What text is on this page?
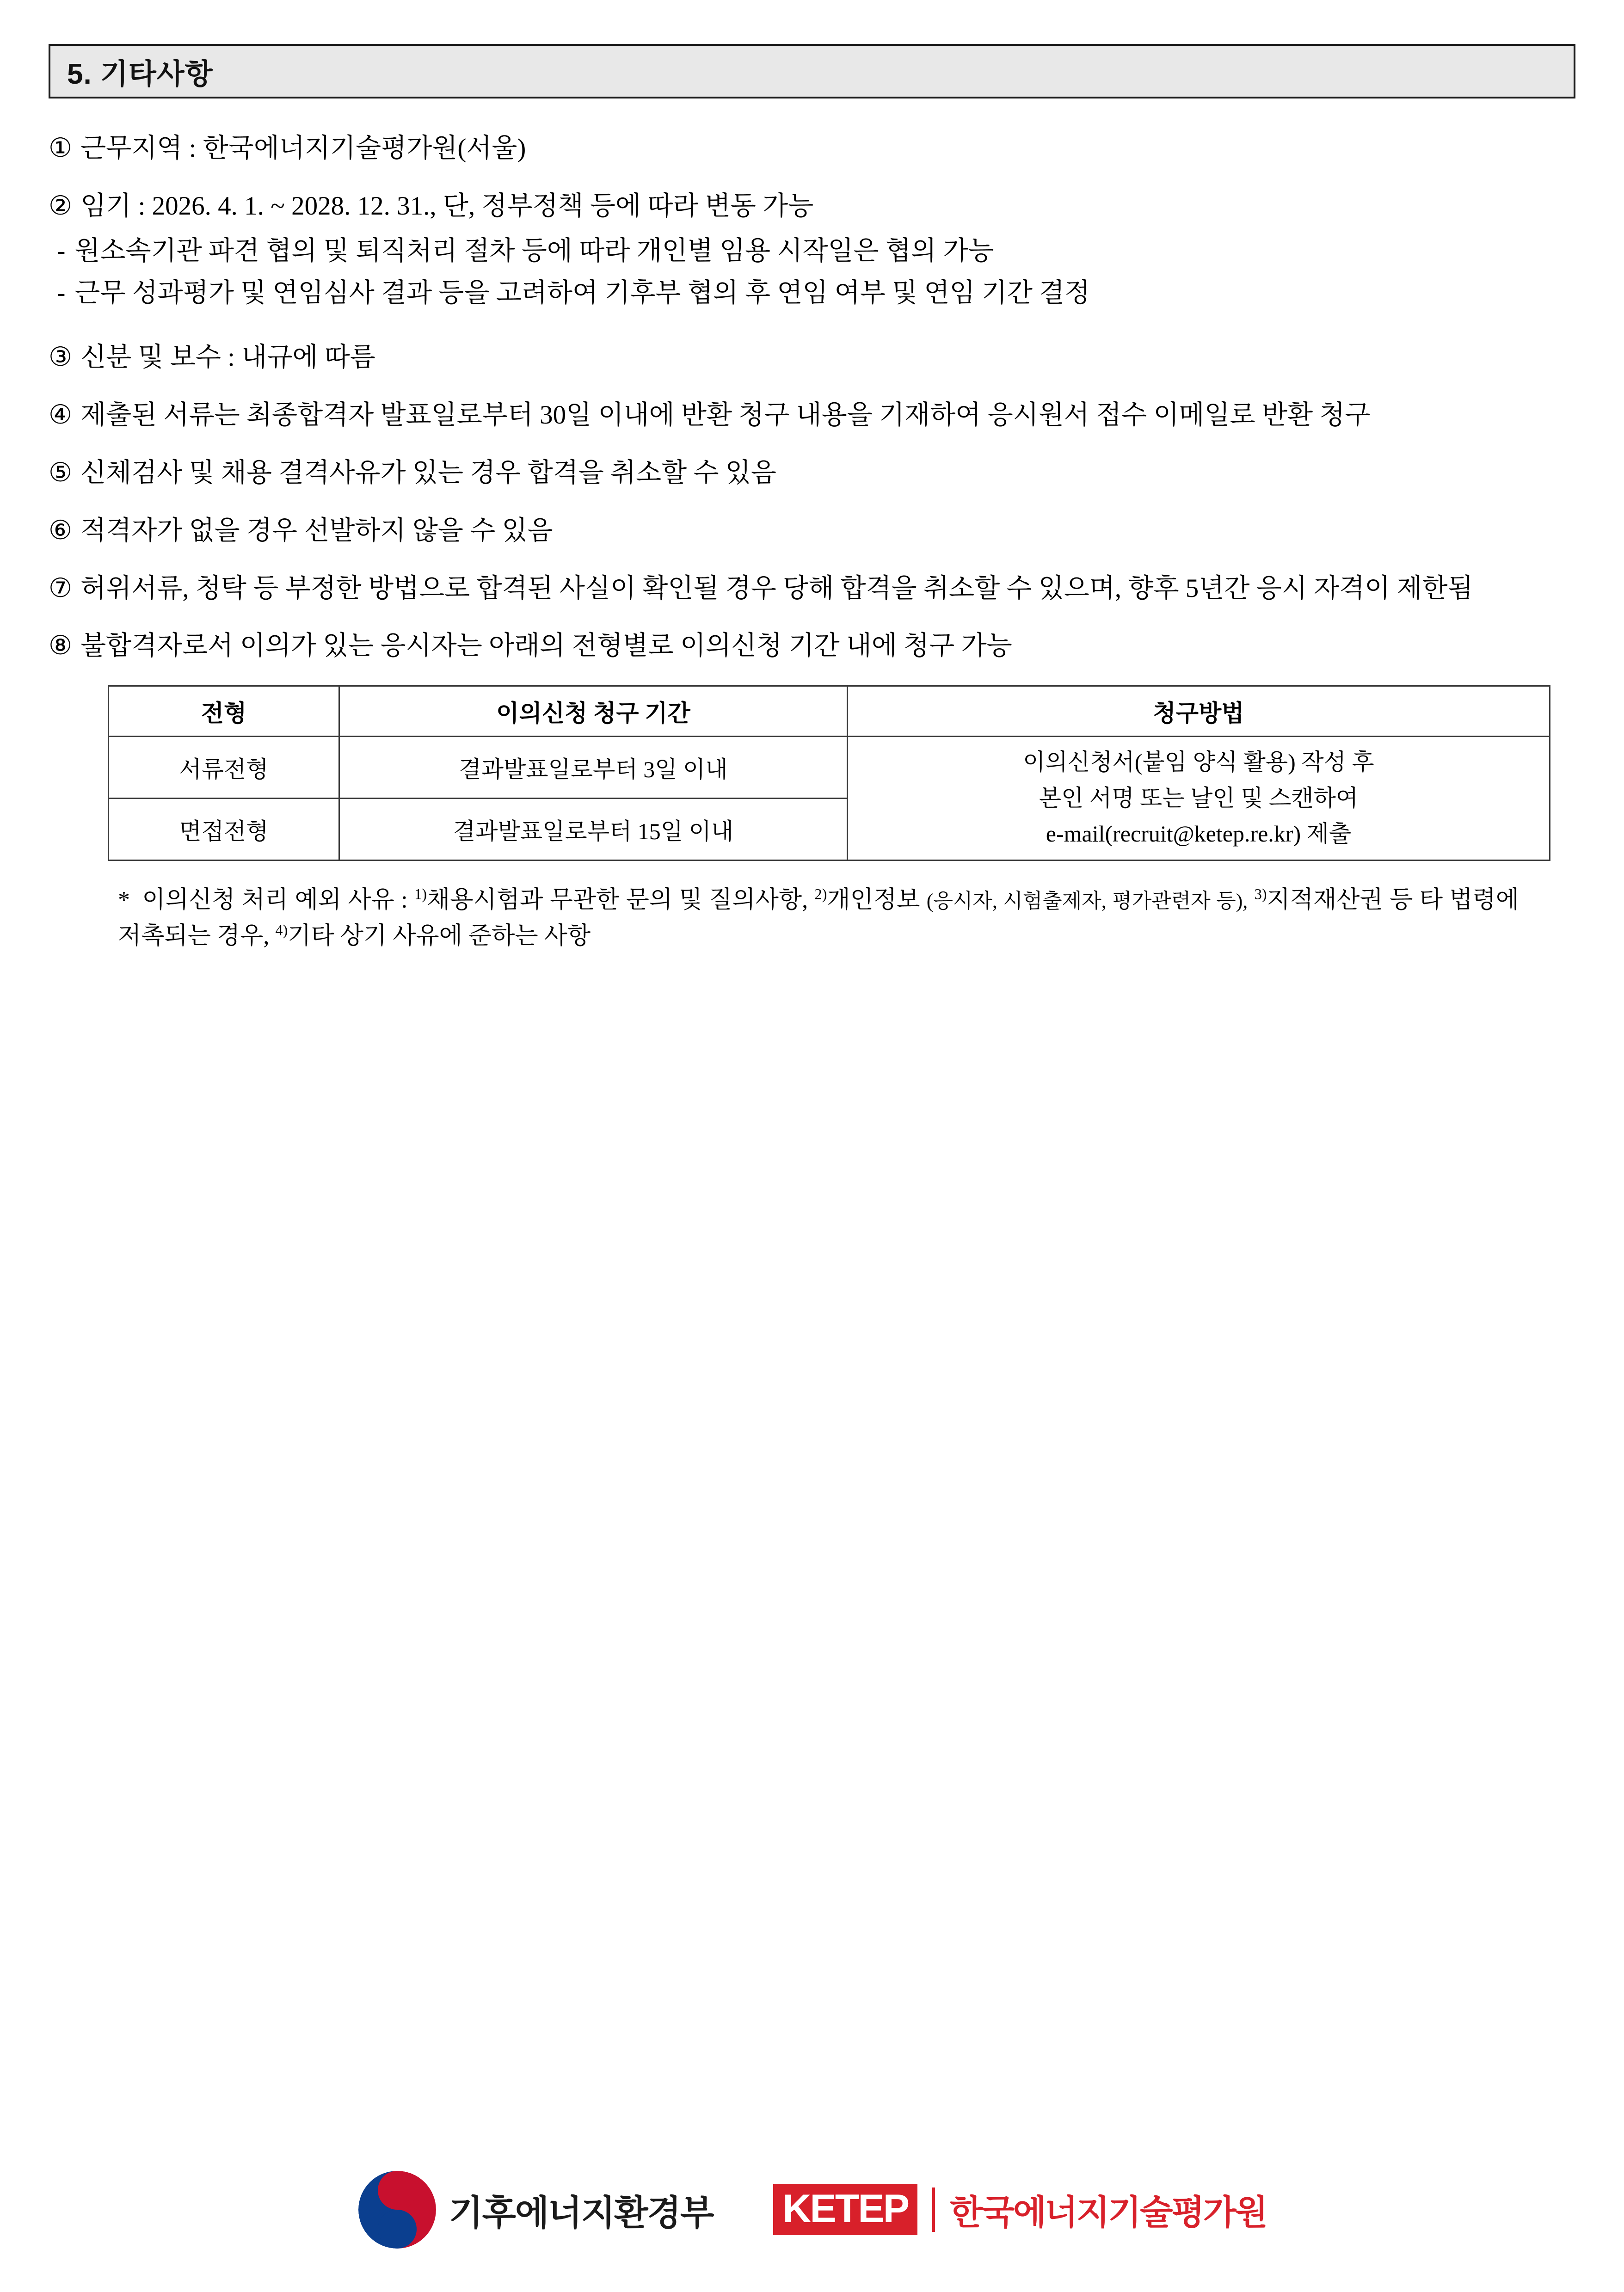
5. 기타사항
① 근무지역 : 한국에너지기술평가원(서울)
② 임기 : 2026. 4. 1. ~ 2028. 12. 31., 단, 정부정책 등에 따라 변동 가능
- 원소속기관 파견 협의 및 퇴직처리 절차 등에 따라 개인별 임용 시작일은 협의 가능
- 근무 성과평가 및 연임심사 결과 등을 고려하여 기후부 협의 후 연임 여부 및 연임 기간 결정
③ 신분 및 보수 : 내규에 따름
④ 제출된 서류는 최종합격자 발표일로부터 30일 이내에 반환 청구 내용을 기재하여 응시원서 접수 이메일로 반환 청구
⑤ 신체검사 및 채용 결격사유가 있는 경우 합격을 취소할 수 있음
⑥ 적격자가 없을 경우 선발하지 않을 수 있음
⑦ 허위서류, 청탁 등 부정한 방법으로 합격된 사실이 확인될 경우 당해 합격을 취소할 수 있으며, 향후 5년간 응시 자격이 제한됨
⑧ 불합격자로서 이의가 있는 응시자는 아래의 전형별로 이의신청 기간 내에 청구 가능
전형	이의신청 청구 기간	청구방법
서류전형	결과발표일로부터 3일 이내	이의신청서(붙임 양식 활용) 작성 후
본인 서명 또는 날인 및 스캔하여
e-mail(recruit@ketep.re.kr) 제출

면접전형	결과발표일로부터 15일 이내	
* 이의신청 처리 예외 사유 : $^{1)}$채용시험과 무관한 문의 및 질의사항, $^{2)}$개인정보 (응시자, 시험출제자, 평가관련자 등), $^{3)}$지적재산권 등 타 법령에 저촉되는 경우, $^{4)}$기타 상기 사유에 준하는 사항
기후에너지환경부 KETEP 한국에너지기술평가원
